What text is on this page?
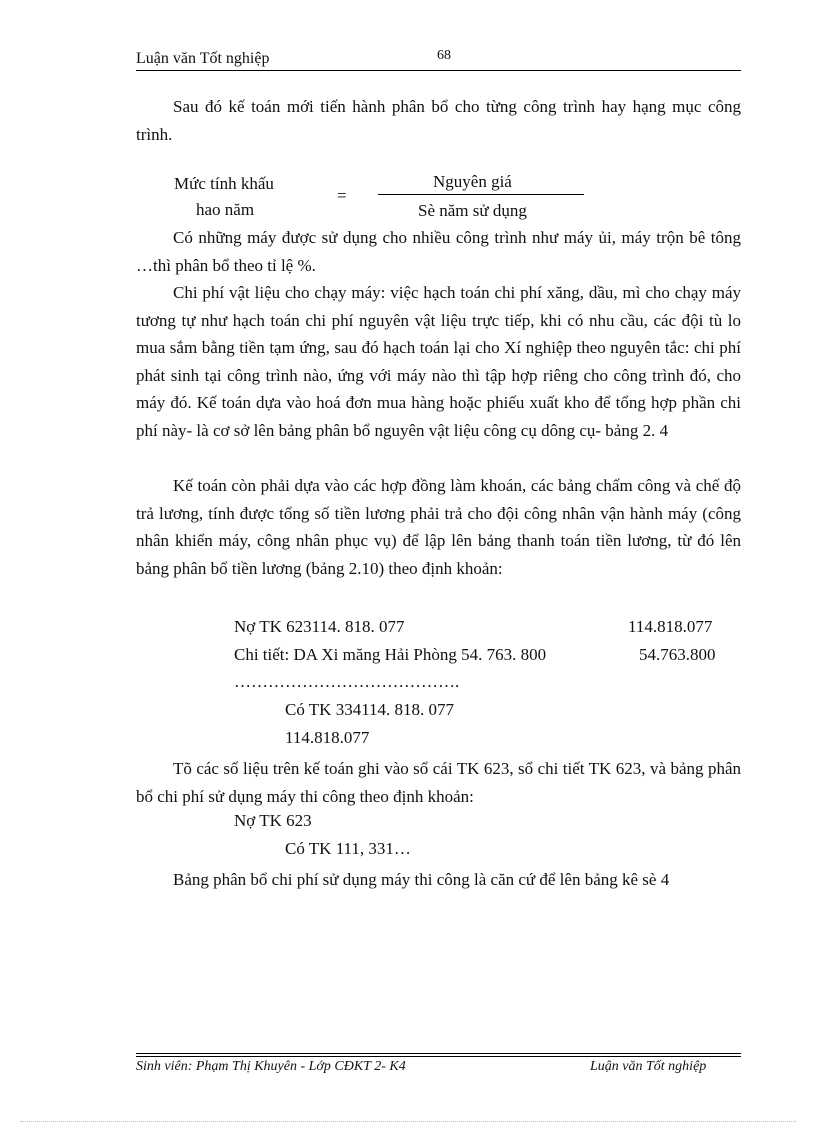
Luận văn Tốt nghiệp	68
Sau đó kế toán mới tiến hành phân bổ cho từng công trình hay hạng mục công trình.
Mức tính khấu
hao năm
=
Nguyên giá
Sè năm sử dụng
Có những máy được sử dụng cho nhiều công trình như máy ủi, máy trộn bê tông …thì phân bổ theo tỉ lệ %.
Chi phí vật liệu cho chạy máy: việc hạch toán chi phí xăng, dầu, mì cho chạy máy tương tự như hạch toán chi phí nguyên vật liệu trực tiếp, khi có nhu cầu, các đội tù lo mua sắm bằng tiền tạm ứng, sau đó hạch toán lại cho Xí nghiệp theo nguyên tắc: chi phí phát sinh tại công trình nào, ứng với máy nào thì tập hợp riêng cho công trình đó, cho máy đó. Kế toán dựa vào hoá đơn mua hàng hoặc phiếu xuất kho để tổng hợp phần chi phí này- là cơ sở lên bảng phân bổ nguyên vật liệu công cụ dông cụ- bảng 2. 4
Kế toán còn phải dựa vào các hợp đồng làm khoán, các bảng chấm công và chế độ trả lương, tính được tổng số tiền lương phải trả cho đội công nhân vận hành máy (công nhân khiển máy, công nhân phục vụ) để lập lên bảng thanh toán tiền lương, từ đó lên bảng phân bổ tiền lương (bảng 2.10) theo định khoản:
Nợ TK 623114. 818. 077	114.818.077
Chi tiết: DA Xi măng Hải Phòng 54. 763. 800	54.763.800
………………………………….
Có TK 334114. 818. 077
114.818.077
Tõ các số liệu trên kế toán ghi vào sổ cái TK 623, sổ chi tiết TK 623, và bảng phân bổ chi phí sử dụng máy thi công theo định khoản:
Nợ TK 623
Có TK 111, 331…
Bảng phân bổ chi phí sử dụng máy thi công là căn cứ để lên bảng kê sè 4
Sinh viên: Phạm Thị Khuyên - Lớp CĐKT 2- K4	Luận văn Tốt nghiệp
